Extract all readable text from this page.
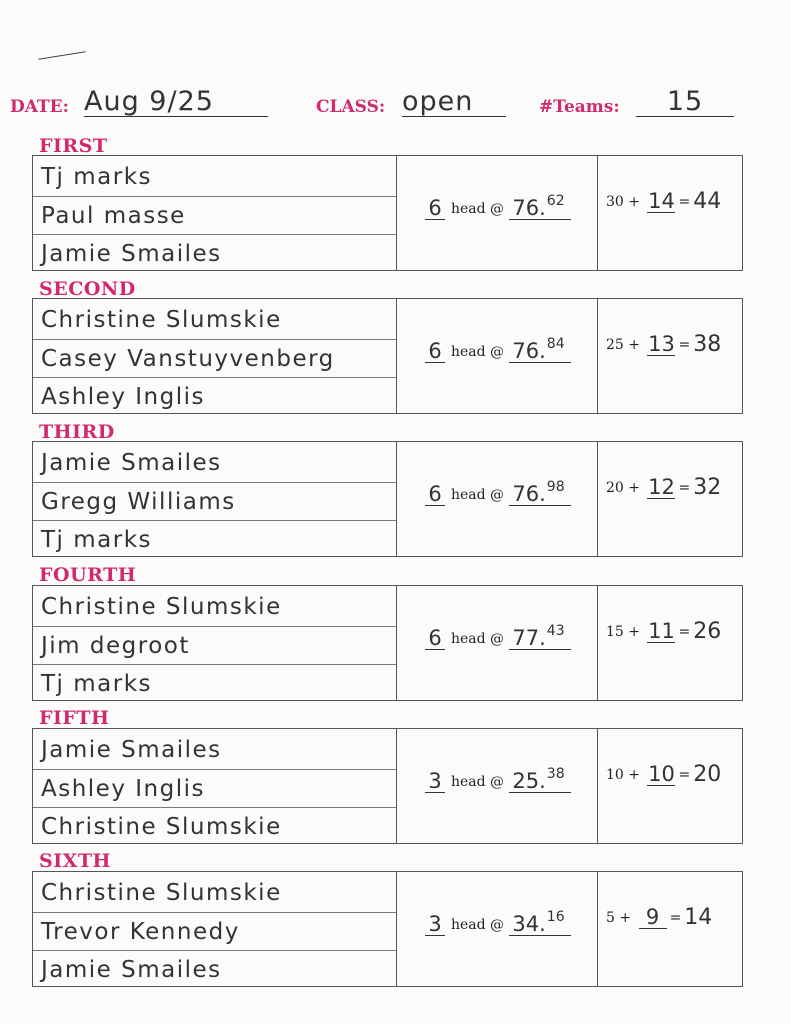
DATE: Aug 9/25	CLASS: open	#Teams:	15
FIRST
Tj marks
Paul masse
Jamie Smailes
6 head @ 76.62	30 + 14 = 44
SECOND
Christine Slumskie
Casey Vanstuyvenberg
Ashley Inglis
6 head @ 76.84	25 + 13 = 38
THIRD
Jamie Smailes
Gregg Williams
Tj marks
6 head @ 76.98	20 + 12 = 32
FOURTH
Christine Slumskie
Jim degroot
Tj marks
6 head @ 77.43	15 + 11 = 26
FIFTH
Jamie Smailes
Ashley Inglis
Christine Slumskie
3 head @ 25.38	10 + 10 = 20
SIXTH
Christine Slumskie
Trevor Kennedy
Jamie Smailes
3 head @ 34.16	5 + 9 = 14
